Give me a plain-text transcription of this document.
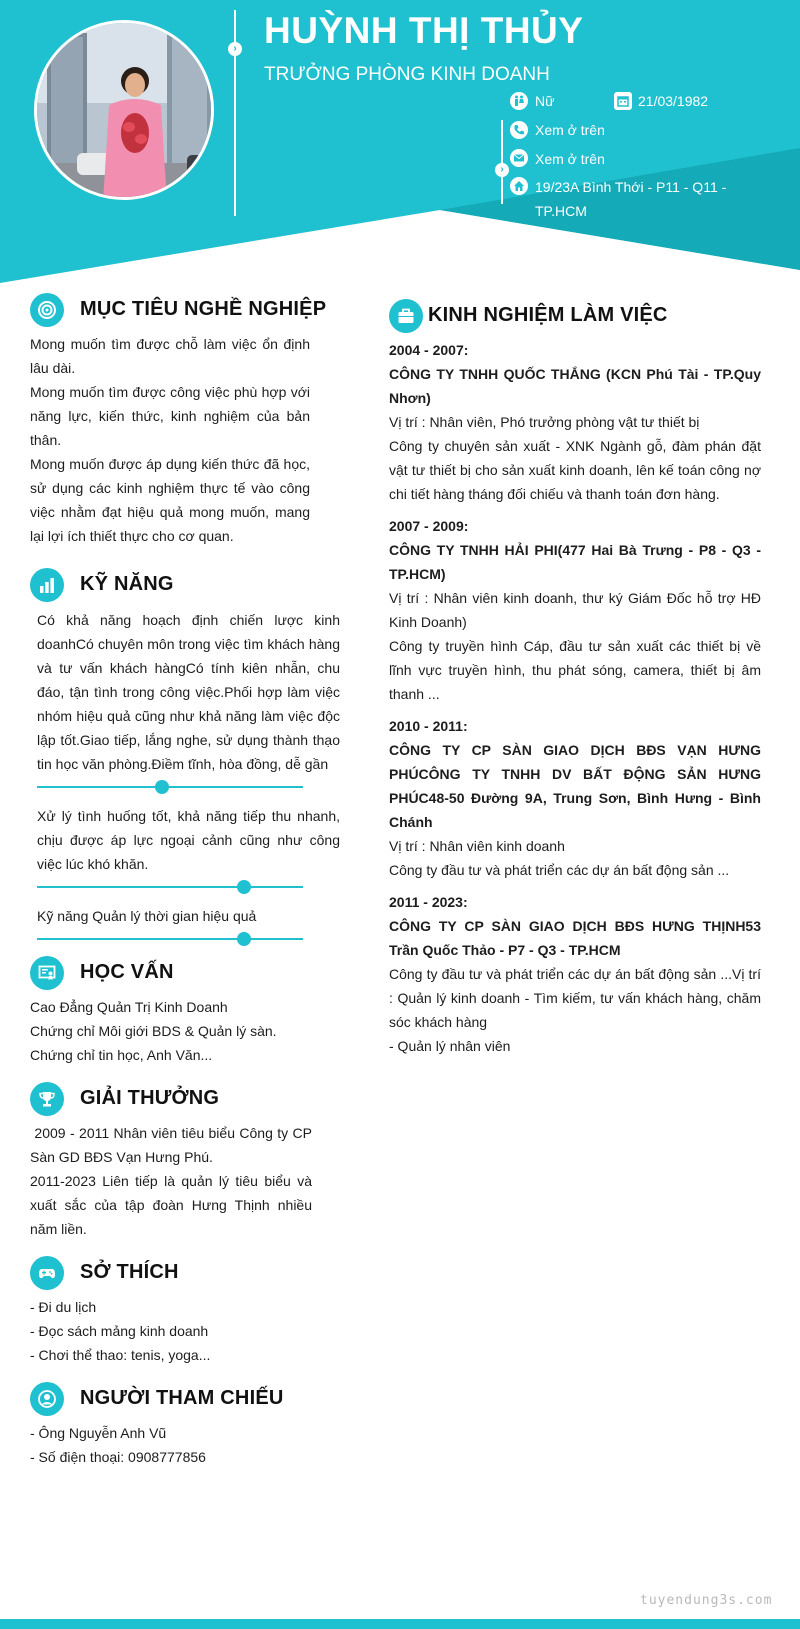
›
›
HUỲNH THỊ THỦY
TRƯỞNG PHÒNG KINH DOANH
Nữ	21/03/1982
Xem ở trên
Xem ở trên
19/23A Bình Thới - P11 - Q11 -
TP.HCM
MỤC TIÊU NGHỀ NGHIỆP

Mong muốn tìm được chỗ làm việc ổn định lâu dài.

Mong muốn tìm được công việc phù hợp với năng lực, kiến thức, kinh nghiệm của bản thân.

Mong muốn được áp dụng kiến thức đã học, sử dụng các kinh nghiệm thực tế vào công việc nhằm đạt hiệu quả mong muốn, mang lại lợi ích thiết thực cho cơ quan.

KỸ NĂNG

Có khả năng hoạch định chiến lược kinh doanhCó chuyên môn trong việc tìm khách hàng và tư vấn khách hàngCó tính kiên nhẫn, chu đáo, tận tình trong công việc.Phối hợp làm việc nhóm hiệu quả cũng như khả năng làm việc độc lập tốt.Giao tiếp, lắng nghe, sử dụng thành thạo tin học văn phòng.Điềm tĩnh, hòa đồng, dễ gần

Xử lý tình huống tốt, khả năng tiếp thu nhanh, chịu được áp lực ngoại cảnh cũng như công việc lúc khó khăn.

Kỹ năng Quản lý thời gian hiệu quả

HỌC VẤN

Cao Đẳng Quản Trị Kinh Doanh

Chứng chỉ Môi giới BDS & Quản lý sàn.

Chứng chỉ tin học, Anh Văn...

GIẢI THƯỞNG

2009 - 2011 Nhân viên tiêu biểu Công ty CP Sàn GD BĐS Vạn Hưng Phú.

2011-2023 Liên tiếp là quản lý tiêu biểu và xuất sắc của tập đoàn Hưng Thịnh nhiều năm liền.

SỞ THÍCH

- Đi du lịch

- Đọc sách mảng kinh doanh

- Chơi thể thao: tenis, yoga...

NGƯỜI THAM CHIẾU

- Ông Nguyễn Anh Vũ

- Số điện thoại: 0908777856

KINH NGHIỆM LÀM VIỆC

2004 - 2007:

CÔNG TY TNHH QUỐC THẮNG (KCN Phú Tài - TP.Quy Nhơn)

Vị trí : Nhân viên, Phó trưởng phòng vật tư thiết bị

Công ty chuyên sản xuất - XNK Ngành gỗ, đàm phán đặt vật tư thiết bị cho sản xuất kinh doanh, lên kế toán công nợ chi tiết hàng tháng đối chiếu và thanh toán đơn hàng.

2007 - 2009:

CÔNG TY TNHH HẢI PHI(477 Hai Bà Trưng - P8 - Q3 - TP.HCM)

Vị trí : Nhân viên kinh doanh, thư ký Giám Đốc hỗ trợ HĐ Kinh Doanh)

Công ty truyền hình Cáp, đầu tư sản xuất các thiết bị về lĩnh vực truyền hình, thu phát sóng, camera, thiết bị âm thanh ...

2010 - 2011:

CÔNG TY CP SÀN GIAO DỊCH BĐS VẠN HƯNG PHÚCÔNG TY TNHH DV BẤT ĐỘNG SẢN HƯNG PHÚC48-50 Đường 9A, Trung Sơn, Bình Hưng - Bình Chánh

Vị trí : Nhân viên kinh doanh

Công ty đầu tư và phát triển các dự án bất động sản ...

2011 - 2023:

CÔNG TY CP SÀN GIAO DỊCH BĐS HƯNG THỊNH53 Trần Quốc Thảo - P7 - Q3 - TP.HCM

Công ty đầu tư và phát triển các dự án bất động sản ...Vị trí : Quản lý kinh doanh - Tìm kiếm, tư vấn khách hàng, chăm sóc khách hàng

- Quản lý nhân viên

tuyendung3s.com
